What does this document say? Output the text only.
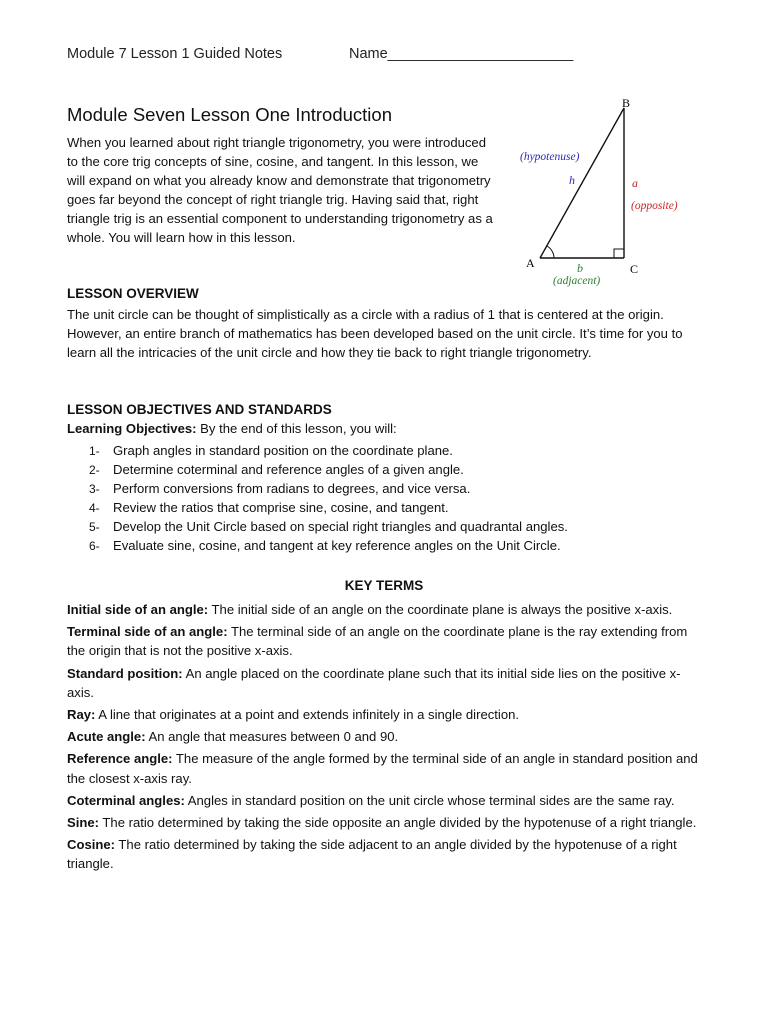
Module 7 Lesson 1 Guided Notes	Name_______________________
Module Seven Lesson One Introduction
When you learned about right triangle trigonometry, you were introduced to the core trig concepts of sine, cosine, and tangent. In this lesson, we will expand on what you already know and demonstrate that trigonometry goes far beyond the concept of right triangle trig. Having said that, right triangle trig is an essential component to understanding trigonometry as a whole. You will learn how in this lesson.
A
B
C
(hypotenuse)
h	a
(opposite)
b
(adjacent)
LESSON OVERVIEW
The unit circle can be thought of simplistically as a circle with a radius of 1 that is centered at the origin. However, an entire branch of mathematics has been developed based on the unit circle. It’s time for you to learn all the intricacies of the unit circle and how they tie back to right triangle trigonometry.
LESSON OBJECTIVES AND STANDARDS
Learning Objectives: By the end of this lesson, you will:
1- Graph angles in standard position on the coordinate plane.
2- Determine coterminal and reference angles of a given angle.
3- Perform conversions from radians to degrees, and vice versa.
4- Review the ratios that comprise sine, cosine, and tangent.
5- Develop the Unit Circle based on special right triangles and quadrantal angles.
6- Evaluate sine, cosine, and tangent at key reference angles on the Unit Circle.
KEY TERMS
Initial side of an angle: The initial side of an angle on the coordinate plane is always the positive x-axis.
Terminal side of an angle: The terminal side of an angle on the coordinate plane is the ray extending from the origin that is not the positive x-axis.
Standard position: An angle placed on the coordinate plane such that its initial side lies on the positive x-axis.
Ray: A line that originates at a point and extends infinitely in a single direction.
Acute angle: An angle that measures between 0 and 90.
Reference angle: The measure of the angle formed by the terminal side of an angle in standard position and the closest x-axis ray.
Coterminal angles: Angles in standard position on the unit circle whose terminal sides are the same ray.
Sine: The ratio determined by taking the side opposite an angle divided by the hypotenuse of a right triangle.
Cosine: The ratio determined by taking the side adjacent to an angle divided by the hypotenuse of a right triangle.
